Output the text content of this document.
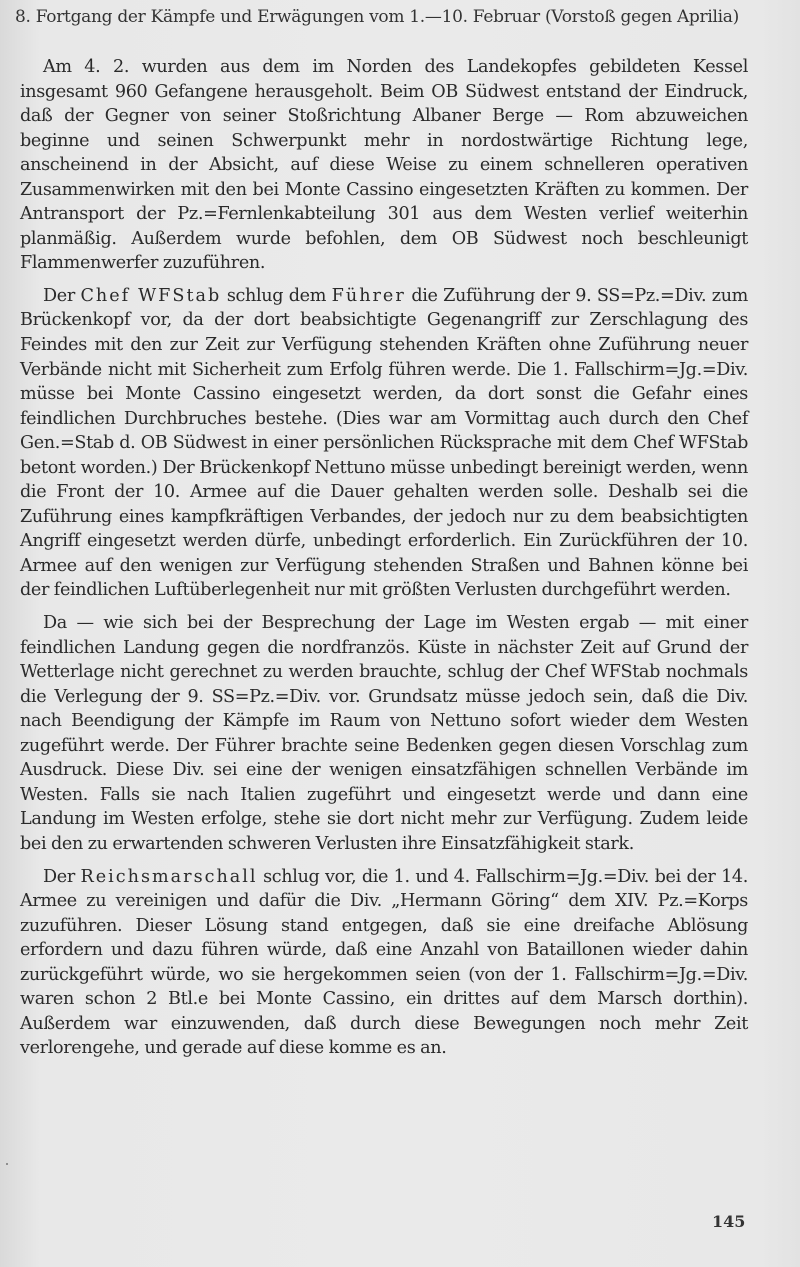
8. Fortgang der Kämpfe und Erwägungen vom 1.—10. Februar (Vorstoß gegen Aprilia)

Am 4. 2. wurden aus dem im Norden des Landekopfes gebildeten Kessel insgesamt 960 Gefangene herausgeholt. Beim OB Südwest entstand der Eindruck, daß der Gegner von seiner Stoßrichtung Albaner Berge — Rom abzuweichen beginne und seinen Schwerpunkt mehr in nordostwärtige Richtung lege, anscheinend in der Absicht, auf diese Weise zu einem schnelleren operativen Zusammenwirken mit den bei Monte Cassino eingesetzten Kräften zu kommen. Der Antransport der Pz.=Fernlenkabteilung 301 aus dem Westen verlief weiterhin planmäßig. Außerdem wurde befohlen, dem OB Südwest noch beschleunigt Flammenwerfer zuzuführen.

Der Chef WFStab schlug dem Führer die Zuführung der 9. SS=Pz.=Div. zum Brückenkopf vor, da der dort beabsichtigte Gegenangriff zur Zerschlagung des Feindes mit den zur Zeit zur Verfügung stehenden Kräften ohne Zuführung neuer Verbände nicht mit Sicherheit zum Erfolg führen werde. Die 1. Fallschirm=Jg.=Div. müsse bei Monte Cassino eingesetzt werden, da dort sonst die Gefahr eines feindlichen Durchbruches bestehe. (Dies war am Vormittag auch durch den Chef Gen.=Stab d. OB Südwest in einer persönlichen Rücksprache mit dem Chef WFStab betont worden.) Der Brückenkopf Nettuno müsse unbedingt bereinigt werden, wenn die Front der 10. Armee auf die Dauer gehalten werden solle. Deshalb sei die Zuführung eines kampfkräftigen Verbandes, der jedoch nur zu dem beabsichtigten Angriff eingesetzt werden dürfe, unbedingt erforderlich. Ein Zurückführen der 10. Armee auf den wenigen zur Verfügung stehenden Straßen und Bahnen könne bei der feindlichen Luftüberlegenheit nur mit größten Verlusten durchgeführt werden.

Da — wie sich bei der Besprechung der Lage im Westen ergab — mit einer feindlichen Landung gegen die nordfranzös. Küste in nächster Zeit auf Grund der Wetterlage nicht gerechnet zu werden brauchte, schlug der Chef WFStab nochmals die Verlegung der 9. SS=Pz.=Div. vor. Grundsatz müsse jedoch sein, daß die Div. nach Beendigung der Kämpfe im Raum von Nettuno sofort wieder dem Westen zugeführt werde. Der Führer brachte seine Bedenken gegen diesen Vorschlag zum Ausdruck. Diese Div. sei eine der wenigen einsatzfähigen schnellen Verbände im Westen. Falls sie nach Italien zugeführt und eingesetzt werde und dann eine Landung im Westen erfolge, stehe sie dort nicht mehr zur Verfügung. Zudem leide bei den zu erwartenden schweren Verlusten ihre Einsatzfähigkeit stark.

Der Reichsmarschall schlug vor, die 1. und 4. Fallschirm=Jg.=Div. bei der 14. Armee zu vereinigen und dafür die Div. „Hermann Göring“ dem XIV. Pz.=Korps zuzuführen. Dieser Lösung stand entgegen, daß sie eine dreifache Ablösung erfordern und dazu führen würde, daß eine Anzahl von Bataillonen wieder dahin zurückgeführt würde, wo sie hergekommen seien (von der 1. Fallschirm=Jg.=Div. waren schon 2 Btl.e bei Monte Cassino, ein drittes auf dem Marsch dorthin). Außerdem war einzuwenden, daß durch diese Bewegungen noch mehr Zeit verlorengehe, und gerade auf diese komme es an.

145
